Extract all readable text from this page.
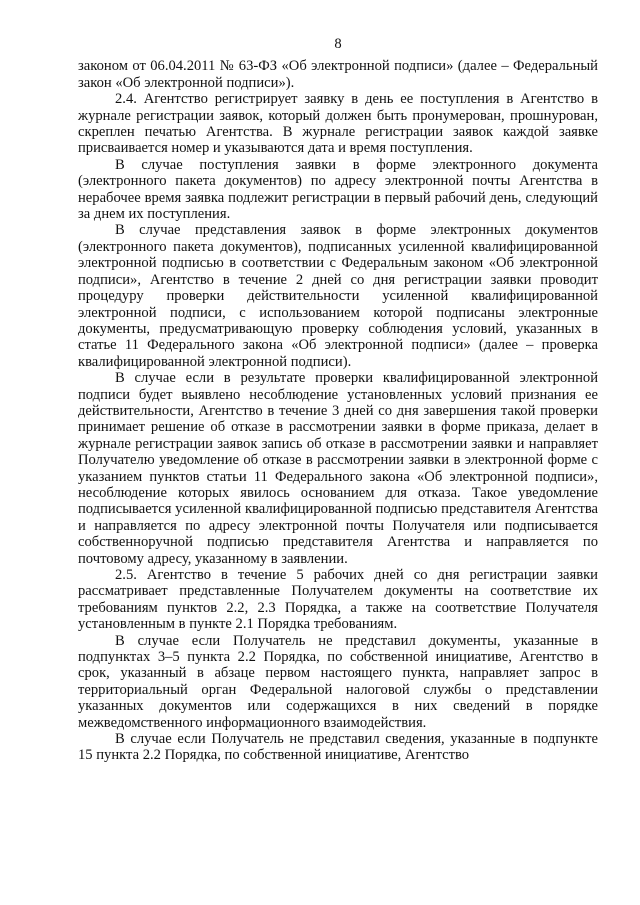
8

законом от 06.04.2011 № 63-ФЗ «Об электронной подписи» (далее – Федеральный закон «Об электронной подписи»).

2.4. Агентство регистрирует заявку в день ее поступления в Агентство в журнале регистрации заявок, который должен быть пронумерован, прошнурован, скреплен печатью Агентства. В журнале регистрации заявок каждой заявке присваивается номер и указываются дата и время поступления.

В случае поступления заявки в форме электронного документа (электронного пакета документов) по адресу электронной почты Агентства в нерабочее время заявка подлежит регистрации в первый рабочий день, следующий за днем их поступления.

В случае представления заявок в форме электронных документов (электронного пакета документов), подписанных усиленной квалифицированной электронной подписью в соответствии с Федеральным законом «Об электронной подписи», Агентство в течение 2 дней со дня регистрации заявки проводит процедуру проверки действительности усиленной квалифицированной электронной подписи, с использованием которой подписаны электронные документы, предусматривающую проверку соблюдения условий, указанных в статье 11 Федерального закона «Об электронной подписи» (далее – проверка квалифицированной электронной подписи).

В случае если в результате проверки квалифицированной электронной подписи будет выявлено несоблюдение установленных условий признания ее действительности, Агентство в течение 3 дней со дня завершения такой проверки принимает решение об отказе в рассмотрении заявки в форме приказа, делает в журнале регистрации заявок запись об отказе в рассмотрении заявки и направляет Получателю уведомление об отказе в рассмотрении заявки в электронной форме с указанием пунктов статьи 11 Федерального закона «Об электронной подписи», несоблюдение которых явилось основанием для отказа. Такое уведомление подписывается усиленной квалифицированной подписью представителя Агентства и направляется по адресу электронной почты Получателя или подписывается собственноручной подписью представителя Агентства и направляется по почтовому адресу, указанному в заявлении.

2.5. Агентство в течение 5 рабочих дней со дня регистрации заявки рассматривает представленные Получателем документы на соответствие их требованиям пунктов 2.2, 2.3 Порядка, а также на соответствие Получателя установленным в пункте 2.1 Порядка требованиям.

В случае если Получатель не представил документы, указанные в подпунктах 3–5 пункта 2.2 Порядка, по собственной инициативе, Агентство в срок, указанный в абзаце первом настоящего пункта, направляет запрос в территориальный орган Федеральной налоговой службы о представлении указанных документов или содержащихся в них сведений в порядке межведомственного информационного взаимодействия.

В случае если Получатель не представил сведения, указанные в подпункте 15 пункта 2.2 Порядка, по собственной инициативе, Агентство
